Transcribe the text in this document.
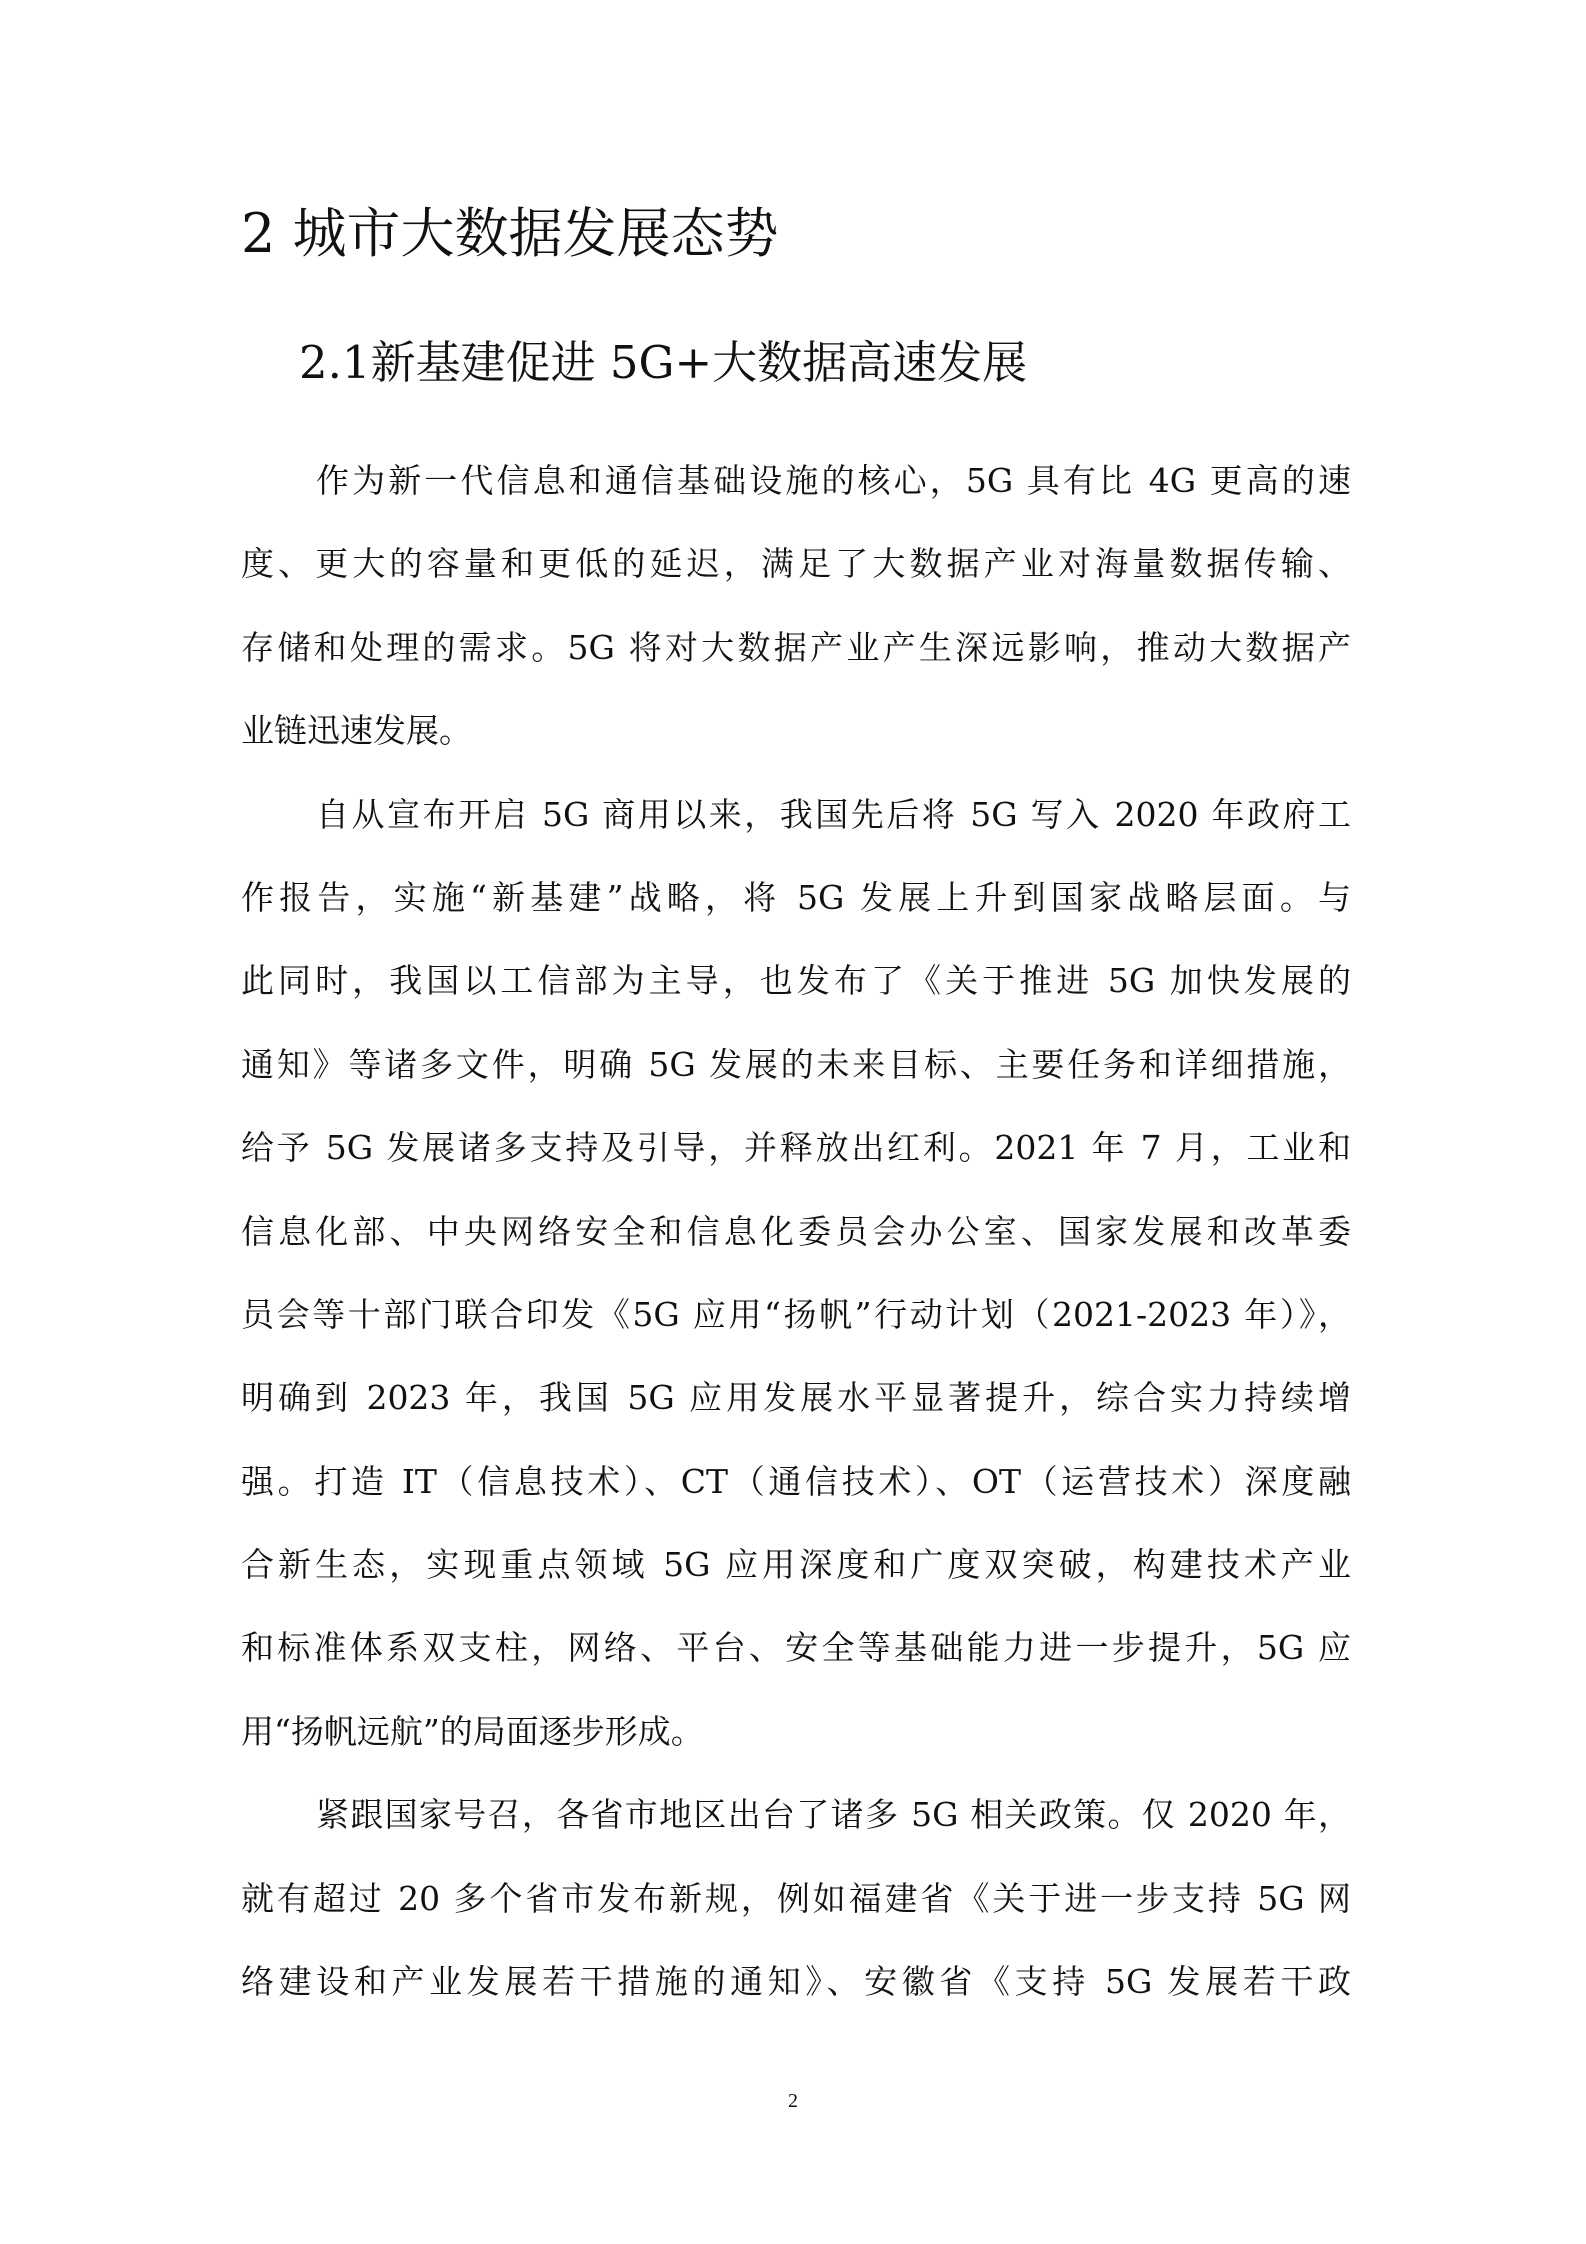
2 城市大数据发展态势
2.1新基建促进 5G+大数据高速发展
作为新一代信息和通信基础设施的核心，5G 具有比 4G 更高的速
度、更大的容量和更低的延迟，满足了大数据产业对海量数据传输、
存储和处理的需求。5G 将对大数据产业产生深远影响，推动大数据产
业链迅速发展。
自从宣布开启 5G 商用以来，我国先后将 5G 写入 2020 年政府工
作报告，实施“新基建”战略，将 5G 发展上升到国家战略层面。与
此同时，我国以工信部为主导，也发布了《关于推进 5G 加快发展的
通知》等诸多文件，明确 5G 发展的未来目标、主要任务和详细措施，
给予 5G 发展诸多支持及引导，并释放出红利。2021 年 7 月，工业和
信息化部、中央网络安全和信息化委员会办公室、国家发展和改革委
员会等十部门联合印发《5G 应用“扬帆”行动计划（2021-2023 年）》，
明确到 2023 年，我国 5G 应用发展水平显著提升，综合实力持续增
强。打造 IT（信息技术）、CT（通信技术）、OT（运营技术）深度融
合新生态，实现重点领域 5G 应用深度和广度双突破，构建技术产业
和标准体系双支柱，网络、平台、安全等基础能力进一步提升，5G 应
用“扬帆远航”的局面逐步形成。
紧跟国家号召，各省市地区出台了诸多 5G 相关政策。仅 2020 年，
就有超过 20 多个省市发布新规，例如福建省《关于进一步支持 5G 网
络建设和产业发展若干措施的通知》、安徽省《支持 5G 发展若干政
2
